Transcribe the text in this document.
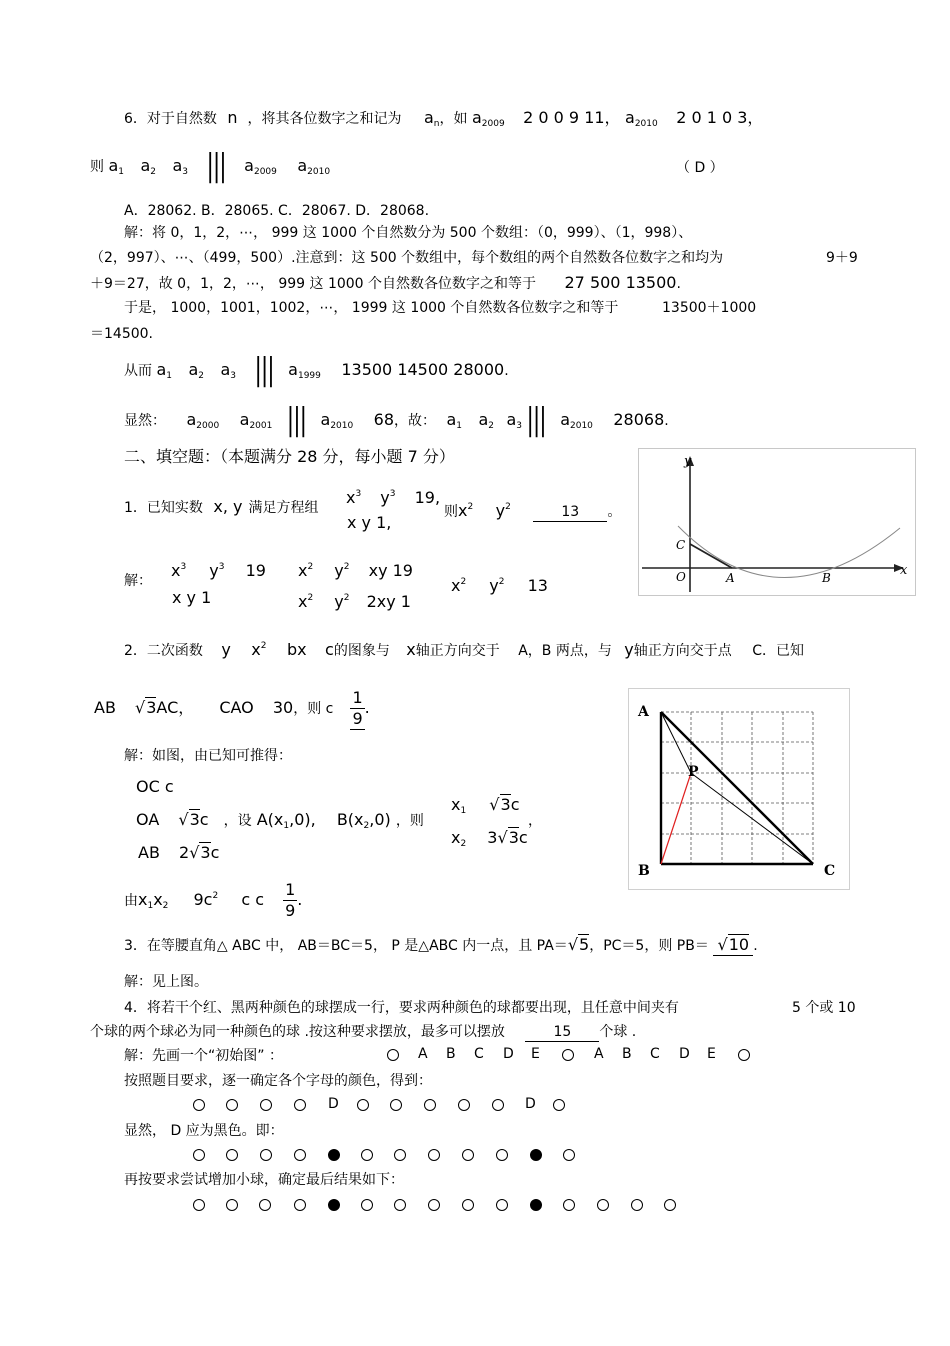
6．对于自然数 n ，将其各位数字之和记为 $a_n$，如 $a_{2009}$ 2 0 0 9 11， $a_{2010}$ 2 0 1 0 3，
则 $a_1$ $a_2$ $a_3$ ||| $a_{2009}$ $a_{2010}$	（ D ）
A．28062. B．28065. C．28067. D．28068.
解：将 0，1，2，⋯， 999 这 1000 个自然数分为 500 个数组：（0，999）、（1，998）、
（2，997）、⋯、（499，500）.注意到：这 500 个数组中，每个数组的两个自然数各位数字之和均为	9＋9
＋9＝27，故 0，1，2，⋯， 999 这 1000 个自然数各位数字之和等于 27 500 13500.
于是， 1000，1001，1002，⋯， 1999 这 1000 个自然数各位数字之和等于	13500＋1000
＝14500.
从而 $a_1$ $a_2$ $a_3$ ||| $a_{1999}$ 13500 14500 28000.
显然： $a_{2000}$ $a_{2001}$ ||| $a_{2010}$ 68，故： $a_1$ $a_2$ $a_3$ ||| $a_{2010}$ 28068.
二、填空题：（本题满分 28 分，每小题 7 分）
1．已知实数 x, y 满足方程组
$x^3$ $y^3$ 19,
x y 1,
则$x^2$ $y^2$	13 。
解：
$x^3$ $y^3$ 19
x y 1
$x^2$ $y^2$ xy 19
$x^2$ $y^2$ 2xy 1
$x^2$ $y^2$ 13
y
x
O	A	B
C
2．二次函数 y $x^2$ bx c的图象与 x轴正方向交于 A，B 两点，与 y轴正方向交于点 C．已知
AB √3AC， CAO 30，则 c $\frac{1}{9}$ .
解：如图，由已知可推得：
OC c
OA √3c ，设 $A(x_1,0)$, $B(x_2,0)$ ，则
AB 2√3c
$x_1$ √3c
$x_2$ 3√3c
，
由$x_1x_2$ $9c^2$ c c $\frac{1}{9}$ .
A
P
B	C
3．在等腰直角△ ABC 中， AB＝BC＝5， P 是△ABC 内一点，且 PA＝√5，PC＝5，则 PB＝ √10 .
解：见上图。
4．将若干个红、黑两种颜色的球摆成一行，要求两种颜色的球都要出现，且任意中间夹有	5 个或 10
个球的两个球必为同一种颜色的球 .按这种要求摆放，最多可以摆放	15 个球 .
解：先画一个“初始图” ：	A B C D E	A B C D E
按照题目要求，逐一确定各个字母的颜色，得到：
D	D
显然， D 应为黑色。即：
再按要求尝试增加小球，确定最后结果如下：
